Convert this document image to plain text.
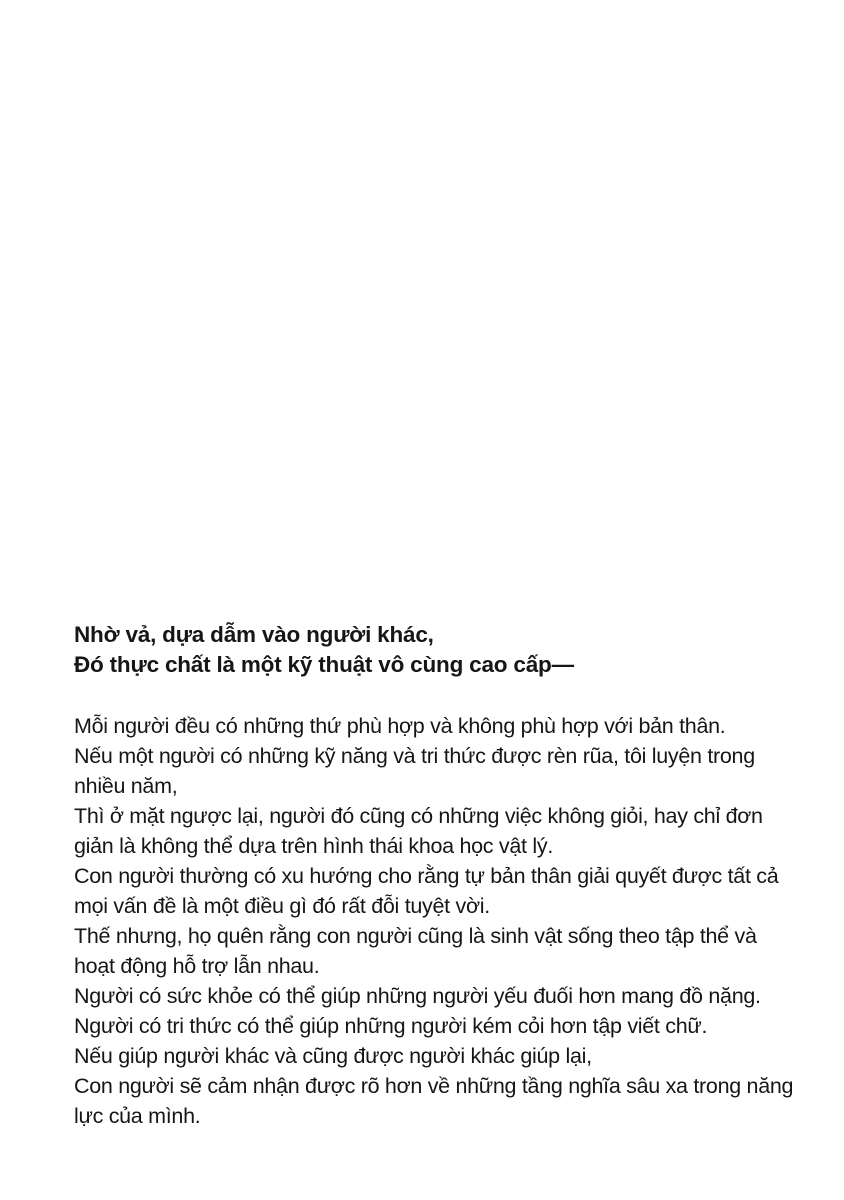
Nhờ vả, dựa dẫm vào người khác,
Đó thực chất là một kỹ thuật vô cùng cao cấp—
Mỗi người đều có những thứ phù hợp và không phù hợp với bản thân.
Nếu một người có những kỹ năng và tri thức được rèn rũa, tôi luyện trong
nhiều năm,
Thì ở mặt ngược lại, người đó cũng có những việc không giỏi, hay chỉ đơn
giản là không thể dựa trên hình thái khoa học vật lý.
Con người thường có xu hướng cho rằng tự bản thân giải quyết được tất cả
mọi vấn đề là một điều gì đó rất đỗi tuyệt vời.
Thế nhưng, họ quên rằng con người cũng là sinh vật sống theo tập thể và
hoạt động hỗ trợ lẫn nhau.
Người có sức khỏe có thể giúp những người yếu đuối hơn mang đồ nặng.
Người có tri thức có thể giúp những người kém cỏi hơn tập viết chữ.
Nếu giúp người khác và cũng được người khác giúp lại,
Con người sẽ cảm nhận được rõ hơn về những tầng nghĩa sâu xa trong năng
lực của mình.
